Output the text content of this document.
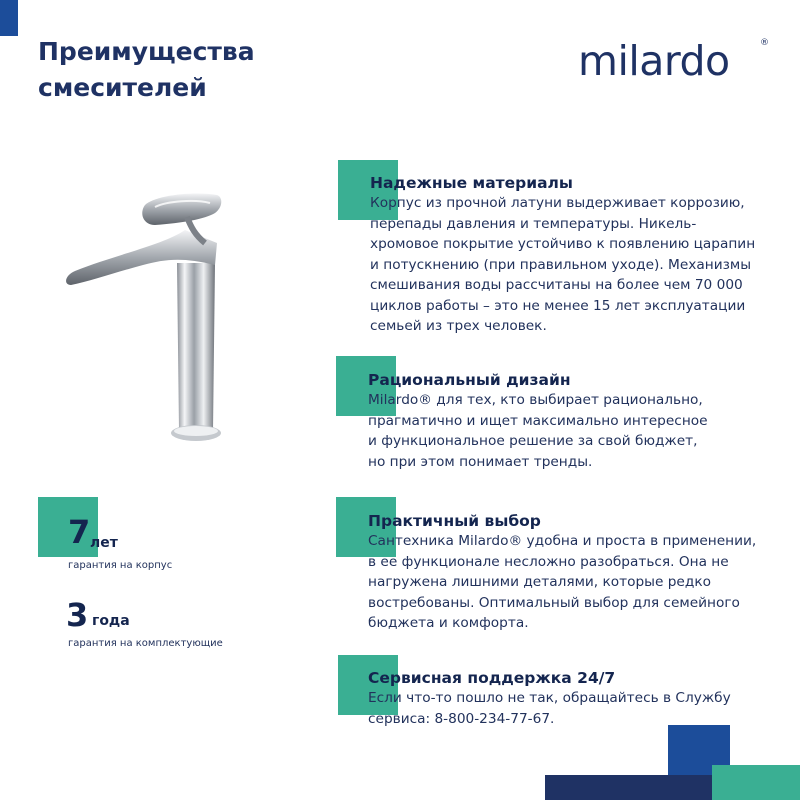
Преимущества
смесителей
milardo	®
7 лет
гарантия на корпус
3 года
гарантия на комплектующие
Надежные материалы

Корпус из прочной латуни выдерживает коррозию,
перепады давления и температуры. Никель-
хромовое покрытие устойчиво к появлению царапин
и потускнению (при правильном уходе). Механизмы
смешивания воды рассчитаны на более чем 70 000
циклов работы – это не менее 15 лет эксплуатации
семьей из трех человек.

Рациональный дизайн

Milardo® для тех, кто выбирает рационально,
прагматично и ищет максимально интересное
и функциональное решение за свой бюджет,
но при этом понимает тренды.

Практичный выбор

Сантехника Milardo® удобна и проста в применении,
в ее функционале несложно разобраться. Она не
нагружена лишними деталями, которые редко
востребованы. Оптимальный выбор для семейного
бюджета и комфорта.

Сервисная поддержка 24/7

Если что-то пошло не так, обращайтесь в Службу
сервиса: 8-800-234-77-67.
